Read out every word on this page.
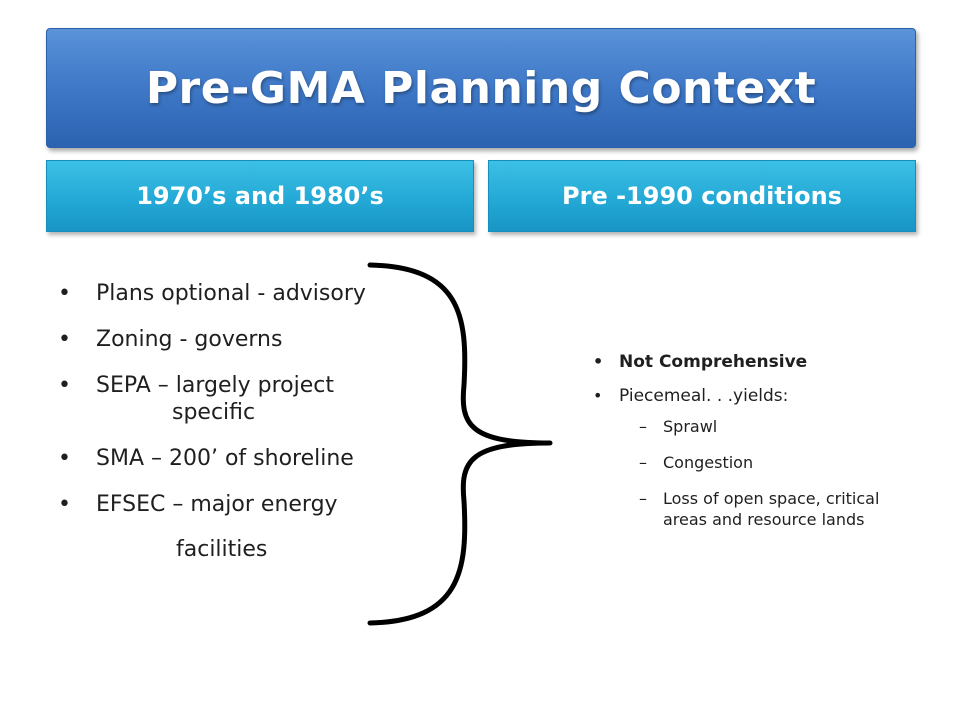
Pre-GMA Planning Context
1970’s and 1980’s	Pre -1990 conditions
• Plans optional - advisory
• Zoning - governs
• SEPA – largely project
specific
• SMA – 200’ of shoreline
• EFSEC – major energy
facilities
• Not Comprehensive
• Piecemeal. . .yields:
– Sprawl
– Congestion
– Loss of open space, critical areas and resource lands
